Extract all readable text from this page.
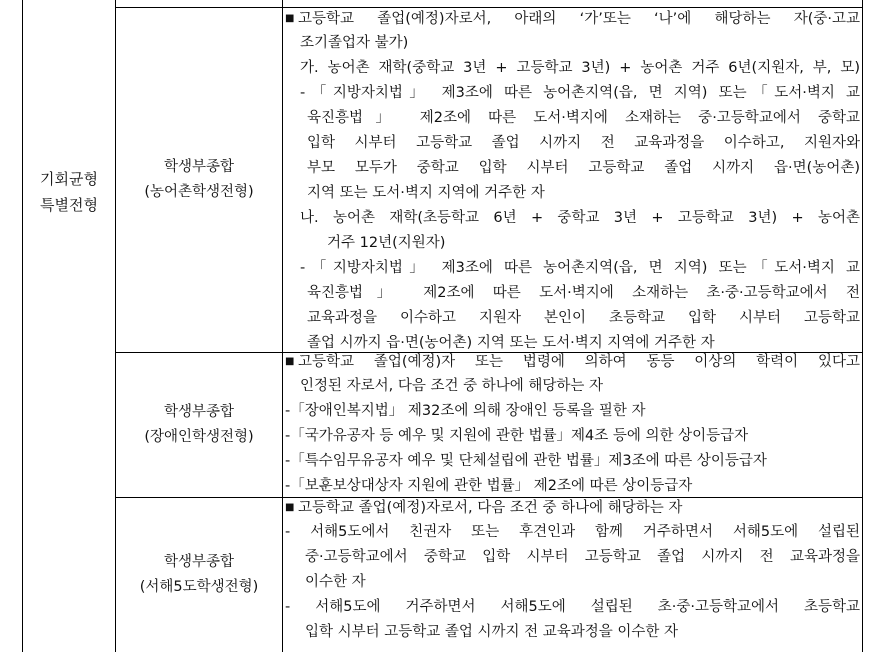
기회균형
특별전형
학생부종합
(농어촌학생전형)
■ 고등학교 졸업(예정)자로서, 아래의 ‘가’또는 ‘나’에 해당하는 자(중·고교
조기졸업자 불가)
가. 농어촌 재학(중학교 3년 + 고등학교 3년) + 농어촌 거주 6년(지원자, 부, 모)
-「지방자치법」 제3조에 따른 농어촌지역(읍, 면 지역) 또는「도서·벽지 교
육진흥법」 제2조에 따른 도서·벽지에 소재하는 중·고등학교에서 중학교
입학 시부터 고등학교 졸업 시까지 전 교육과정을 이수하고, 지원자와
부모 모두가 중학교 입학 시부터 고등학교 졸업 시까지 읍·면(농어촌)
지역 또는 도서·벽지 지역에 거주한 자
나. 농어촌 재학(초등학교 6년 + 중학교 3년 + 고등학교 3년) + 농어촌
거주 12년(지원자)
-「지방자치법」 제3조에 따른 농어촌지역(읍, 면 지역) 또는「도서·벽지 교
육진흥법」 제2조에 따른 도서·벽지에 소재하는 초·중·고등학교에서 전
교육과정을 이수하고 지원자 본인이 초등학교 입학 시부터 고등학교
졸업 시까지 읍·면(농어촌) 지역 또는 도서·벽지 지역에 거주한 자
학생부종합
(장애인학생전형)
■ 고등학교 졸업(예정)자 또는 법령에 의하여 동등 이상의 학력이 있다고
인정된 자로서, 다음 조건 중 하나에 해당하는 자
-「장애인복지법」 제32조에 의해 장애인 등록을 필한 자
-「국가유공자 등 예우 및 지원에 관한 법률」제4조 등에 의한 상이등급자
-「특수임무유공자 예우 및 단체설립에 관한 법률」제3조에 따른 상이등급자
-「보훈보상대상자 지원에 관한 법률」 제2조에 따른 상이등급자
학생부종합
(서해5도학생전형)
■ 고등학교 졸업(예정)자로서, 다음 조건 중 하나에 해당하는 자
- 서해5도에서 친권자 또는 후견인과 함께 거주하면서 서해5도에 설립된
중·고등학교에서 중학교 입학 시부터 고등학교 졸업 시까지 전 교육과정을
이수한 자
- 서해5도에 거주하면서 서해5도에 설립된 초·중·고등학교에서 초등학교
입학 시부터 고등학교 졸업 시까지 전 교육과정을 이수한 자
